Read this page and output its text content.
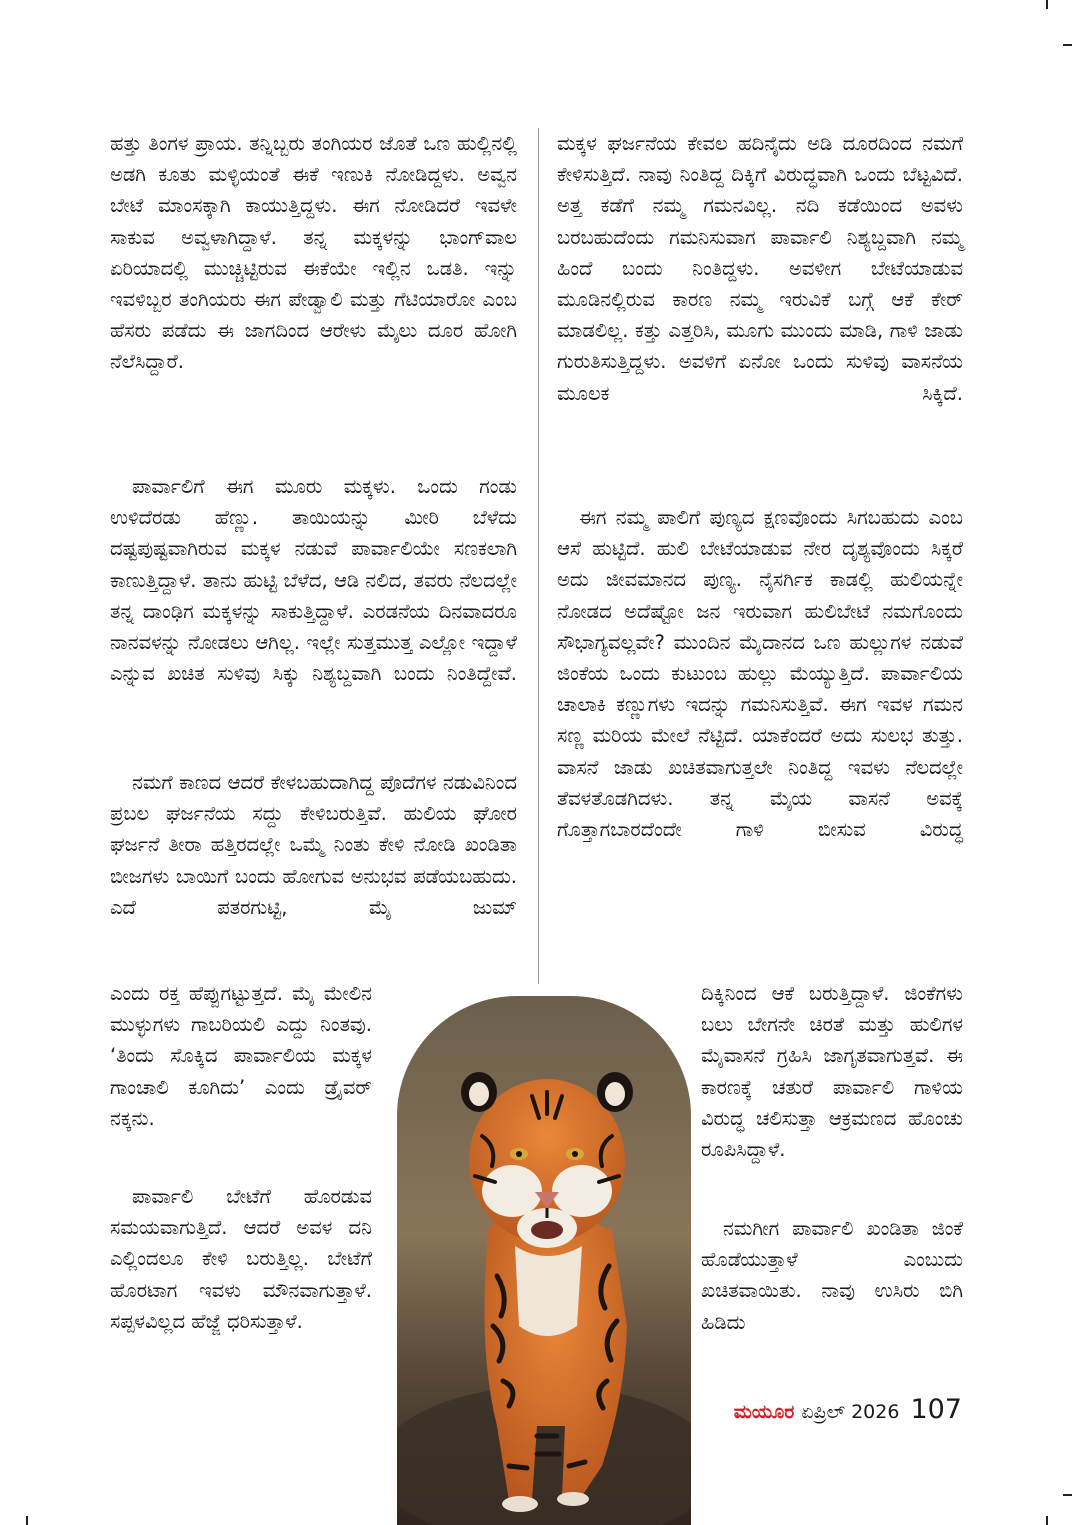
ಹತ್ತು ತಿಂಗಳ ಪ್ರಾಯ. ತನ್ನಿಬ್ಬರು ತಂಗಿಯರ ಜೊತೆ ಒಣ ಹುಲ್ಲಿನಲ್ಲಿ ಅಡಗಿ ಕೂತು ಮಳ್ಳಿಯಂತೆ ಈಕೆ ಇಣುಕಿ ನೋಡಿದ್ದಳು. ಅವ್ವನ ಬೇಟೆ ಮಾಂಸಕ್ಕಾಗಿ ಕಾಯುತ್ತಿದ್ದಳು. ಈಗ ನೋಡಿದರೆ ಇವಳೇ ಸಾಕುವ ಅವ್ವಳಾಗಿದ್ದಾಳೆ. ತನ್ನ ಮಕ್ಕಳನ್ನು ಭಾಂಗ್‌ವಾಲ ಏರಿಯಾದಲ್ಲಿ ಮುಚ್ಚಿಟ್ಟಿರುವ ಈಕೆಯೇ ಇಲ್ಲಿನ ಒಡತಿ. ಇನ್ನು ಇವಳಿಬ್ಬರ ತಂಗಿಯರು ಈಗ ಪೇಡ್ವಾಲಿ ಮತ್ತು ಗೆಟಿಯಾರೋ ಎಂಬ ಹೆಸರು ಪಡೆದು ಈ ಜಾಗದಿಂದ ಆರೇಳು ಮೈಲು ದೂರ ಹೋಗಿ ನೆಲೆಸಿದ್ದಾರೆ.

ಪಾರ್ವಾಲಿಗೆ ಈಗ ಮೂರು ಮಕ್ಕಳು. ಒಂದು ಗಂಡು ಉಳಿದೆರಡು ಹೆಣ್ಣು. ತಾಯಿಯನ್ನು ಮೀರಿ ಬೆಳೆದು ದಷ್ಟಪುಷ್ಟವಾಗಿರುವ ಮಕ್ಕಳ ನಡುವೆ ಪಾರ್ವಾಲಿಯೇ ಸಣಕಲಾಗಿ ಕಾಣುತ್ತಿದ್ದಾಳೆ. ತಾನು ಹುಟ್ಟಿ ಬೆಳೆದ, ಆಡಿ ನಲಿದ, ತವರು ನೆಲದಲ್ಲೇ ತನ್ನ ದಾಂಢಿಗ ಮಕ್ಕಳನ್ನು ಸಾಕುತ್ತಿದ್ದಾಳೆ. ಎರಡನೆಯ ದಿನವಾದರೂ ನಾನವಳನ್ನು ನೋಡಲು ಆಗಿಲ್ಲ. ಇಲ್ಲೇ ಸುತ್ತಮುತ್ತ ಎಲ್ಲೋ ಇದ್ದಾಳೆ ಎನ್ನುವ ಖಚಿತ ಸುಳಿವು ಸಿಕ್ಕು ನಿಶ್ಯಬ್ದವಾಗಿ ಬಂದು ನಿಂತಿದ್ದೇವೆ.

ನಮಗೆ ಕಾಣದ ಆದರೆ ಕೇಳಬಹುದಾಗಿದ್ದ ಪೊದೆಗಳ ನಡುವಿನಿಂದ ಪ್ರಬಲ ಘರ್ಜನೆಯ ಸದ್ದು ಕೇಳಿಬರುತ್ತಿವೆ. ಹುಲಿಯ ಘೋರ ಘರ್ಜನೆ ತೀರಾ ಹತ್ತಿರದಲ್ಲೇ ಒಮ್ಮೆ ನಿಂತು ಕೇಳಿ ನೋಡಿ ಖಂಡಿತಾ ಬೀಜಗಳು ಬಾಯಿಗೆ ಬಂದು ಹೋಗುವ ಅನುಭವ ಪಡೆಯಬಹುದು. ಎದೆ ಪತರಗುಟ್ಟಿ, ಮೈ ಜುಮ್

ಎಂದು ರಕ್ತ ಹೆಪ್ಪುಗಟ್ಟುತ್ತದೆ. ಮೈ ಮೇಲಿನ ಮುಳ್ಳುಗಳು ಗಾಬರಿಯಲಿ ಎದ್ದು ನಿಂತವು. ‘ತಿಂದು ಸೊಕ್ಕಿದ ಪಾರ್ವಾಲಿಯ ಮಕ್ಕಳ ಗಾಂಚಾಲಿ ಕೂಗಿದು’ ಎಂದು ಡ್ರೈವರ್ ನಕ್ಕನು.

ಪಾರ್ವಾಲಿ ಬೇಟೆಗೆ ಹೊರಡುವ ಸಮಯವಾಗುತ್ತಿದೆ. ಆದರೆ ಅವಳ ದನಿ ಎಲ್ಲಿಂದಲೂ ಕೇಳಿ ಬರುತ್ತಿಲ್ಲ. ಬೇಟೆಗೆ ಹೊರಟಾಗ ಇವಳು ಮೌನವಾಗುತ್ತಾಳೆ. ಸಪ್ಪಳವಿಲ್ಲದ ಹೆಜ್ಜೆ ಧರಿಸುತ್ತಾಳೆ.

ಮಕ್ಕಳ ಘರ್ಜನೆಯ ಕೇವಲ ಹದಿನೈದು ಅಡಿ ದೂರದಿಂದ ನಮಗೆ ಕೇಳಿಸುತ್ತಿದೆ. ನಾವು ನಿಂತಿದ್ದ ದಿಕ್ಕಿಗೆ ವಿರುದ್ಧವಾಗಿ ಒಂದು ಬೆಟ್ಟವಿದೆ. ಅತ್ತ ಕಡೆಗೆ ನಮ್ಮ ಗಮನವಿಲ್ಲ. ನದಿ ಕಡೆಯಿಂದ ಅವಳು ಬರಬಹುದೆಂದು ಗಮನಿಸುವಾಗ ಪಾರ್ವಾಲಿ ನಿಶ್ಯಬ್ದವಾಗಿ ನಮ್ಮ ಹಿಂದೆ ಬಂದು ನಿಂತಿದ್ದಳು. ಅವಳೀಗ ಬೇಟೆಯಾಡುವ ಮೂಡಿನಲ್ಲಿರುವ ಕಾರಣ ನಮ್ಮ ಇರುವಿಕೆ ಬಗ್ಗೆ ಆಕೆ ಕೇರ್ ಮಾಡಲಿಲ್ಲ. ಕತ್ತು ಎತ್ತರಿಸಿ, ಮೂಗು ಮುಂದು ಮಾಡಿ, ಗಾಳಿ ಜಾಡು ಗುರುತಿಸುತ್ತಿದ್ದಳು. ಅವಳಿಗೆ ಏನೋ ಒಂದು ಸುಳಿವು ವಾಸನೆಯ ಮೂಲಕ ಸಿಕ್ಕಿದೆ.

ಈಗ ನಮ್ಮ ಪಾಲಿಗೆ ಪುಣ್ಯದ ಕ್ಷಣವೊಂದು ಸಿಗಬಹುದು ಎಂಬ ಆಸೆ ಹುಟ್ಟಿದೆ. ಹುಲಿ ಬೇಟೆಯಾಡುವ ನೇರ ದೃಶ್ಯವೊಂದು ಸಿಕ್ಕರೆ ಅದು ಜೀವಮಾನದ ಪುಣ್ಯ. ನೈಸರ್ಗಿಕ ಕಾಡಲ್ಲಿ ಹುಲಿಯನ್ನೇ ನೋಡದ ಅದೆಷ್ಟೋ ಜನ ಇರುವಾಗ ಹುಲಿಬೇಟೆ ನಮಗೊಂದು ಸೌಭಾಗ್ಯವಲ್ಲವೇ? ಮುಂದಿನ ಮೈದಾನದ ಒಣ ಹುಲ್ಲುಗಳ ನಡುವೆ ಜಿಂಕೆಯ ಒಂದು ಕುಟುಂಬ ಹುಲ್ಲು ಮೆಯ್ಯುತ್ತಿದೆ. ಪಾರ್ವಾಲಿಯ ಚಾಲಾಕಿ ಕಣ್ಣುಗಳು ಇದನ್ನು ಗಮನಿಸುತ್ತಿವೆ. ಈಗ ಇವಳ ಗಮನ ಸಣ್ಣ ಮರಿಯ ಮೇಲೆ ನೆಟ್ಟಿದೆ. ಯಾಕೆಂದರೆ ಅದು ಸುಲಭ ತುತ್ತು. ವಾಸನೆ ಜಾಡು ಖಚಿತವಾಗುತ್ತಲೇ ನಿಂತಿದ್ದ ಇವಳು ನೆಲದಲ್ಲೇ ತೆವಳತೊಡಗಿದಳು. ತನ್ನ ಮೈಯ ವಾಸನೆ ಅವಕ್ಕೆ ಗೊತ್ತಾಗಬಾರದೆಂದೇ ಗಾಳಿ ಬೀಸುವ ವಿರುದ್ಧ

ದಿಕ್ಕಿನಿಂದ ಆಕೆ ಬರುತ್ತಿದ್ದಾಳೆ. ಜಿಂಕೆಗಳು ಬಲು ಬೇಗನೇ ಚಿರತೆ ಮತ್ತು ಹುಲಿಗಳ ಮೈವಾಸನೆ ಗ್ರಹಿಸಿ ಜಾಗೃತವಾಗುತ್ತವೆ. ಈ ಕಾರಣಕ್ಕೆ ಚತುರೆ ಪಾರ್ವಾಲಿ ಗಾಳಿಯ ವಿರುದ್ಧ ಚಲಿಸುತ್ತಾ ಆಕ್ರಮಣದ ಹೊಂಚು ರೂಪಿಸಿದ್ದಾಳೆ.

ನಮಗೀಗ ಪಾರ್ವಾಲಿ ಖಂಡಿತಾ ಜಿಂಕೆ ಹೊಡೆಯುತ್ತಾಳೆ ಎಂಬುದು ಖಚಿತವಾಯಿತು. ನಾವು ಉಸಿರು ಬಿಗಿ ಹಿಡಿದು

ಮಯೂರ ಏಪ್ರಿಲ್ 2026 107
